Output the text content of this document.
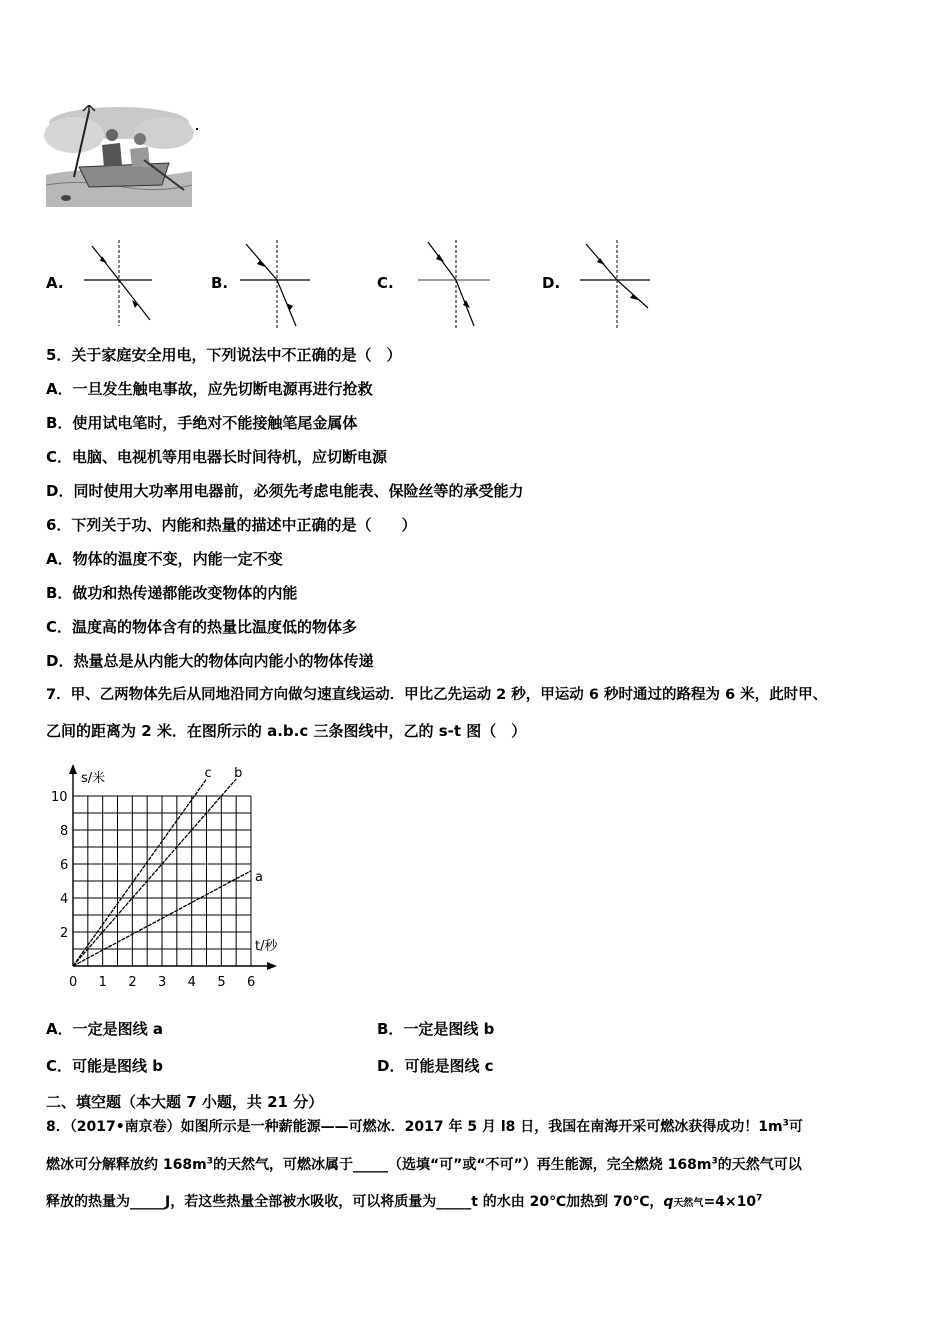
A.	B.	C.	D.
5．关于家庭安全用电，下列说法中不正确的是（　）
A．一旦发生触电事故，应先切断电源再进行抢救
B．使用试电笔时，手绝对不能接触笔尾金属体
C．电脑、电视机等用电器长时间待机，应切断电源
D．同时使用大功率用电器前，必须先考虑电能表、保险丝等的承受能力
6．下列关于功、内能和热量的描述中正确的是（　　）
A．物体的温度不变，内能一定不变
B．做功和热传递都能改变物体的内能
C．温度高的物体含有的热量比温度低的物体多
D．热量总是从内能大的物体向内能小的物体传递
7．甲、乙两物体先后从同地沿同方向做匀速直线运动．甲比乙先运动 2 秒，甲运动 6 秒时通过的路程为 6 米，此时甲、
乙间的距离为 2 米．在图所示的 a.b.c 三条图线中，乙的 s-t 图（　）
0 1 2 3 4 5 6
2
4
6
8
10
s/米
t/秒
a
b
c
A．一定是图线 a	B．一定是图线 b
C．可能是图线 b	D．可能是图线 c
二、填空题（本大题 7 小题，共 21 分）
8．（2017•南京卷）如图所示是一种薪能源——可燃冰．2017 年 5 月 l8 日，我国在南海开采可燃冰获得成功！$1m^3$可
燃冰可分解释放约 $168m^3$的天然气，可燃冰属于_____（选填“可”或“不可”）再生能源，完全燃烧 $168m^3$的天然气可以
释放的热量为_____J，若这些热量全部被水吸收，可以将质量为_____t 的水由 20℃加热到 70℃，q天然气$=4\times 10^7$
